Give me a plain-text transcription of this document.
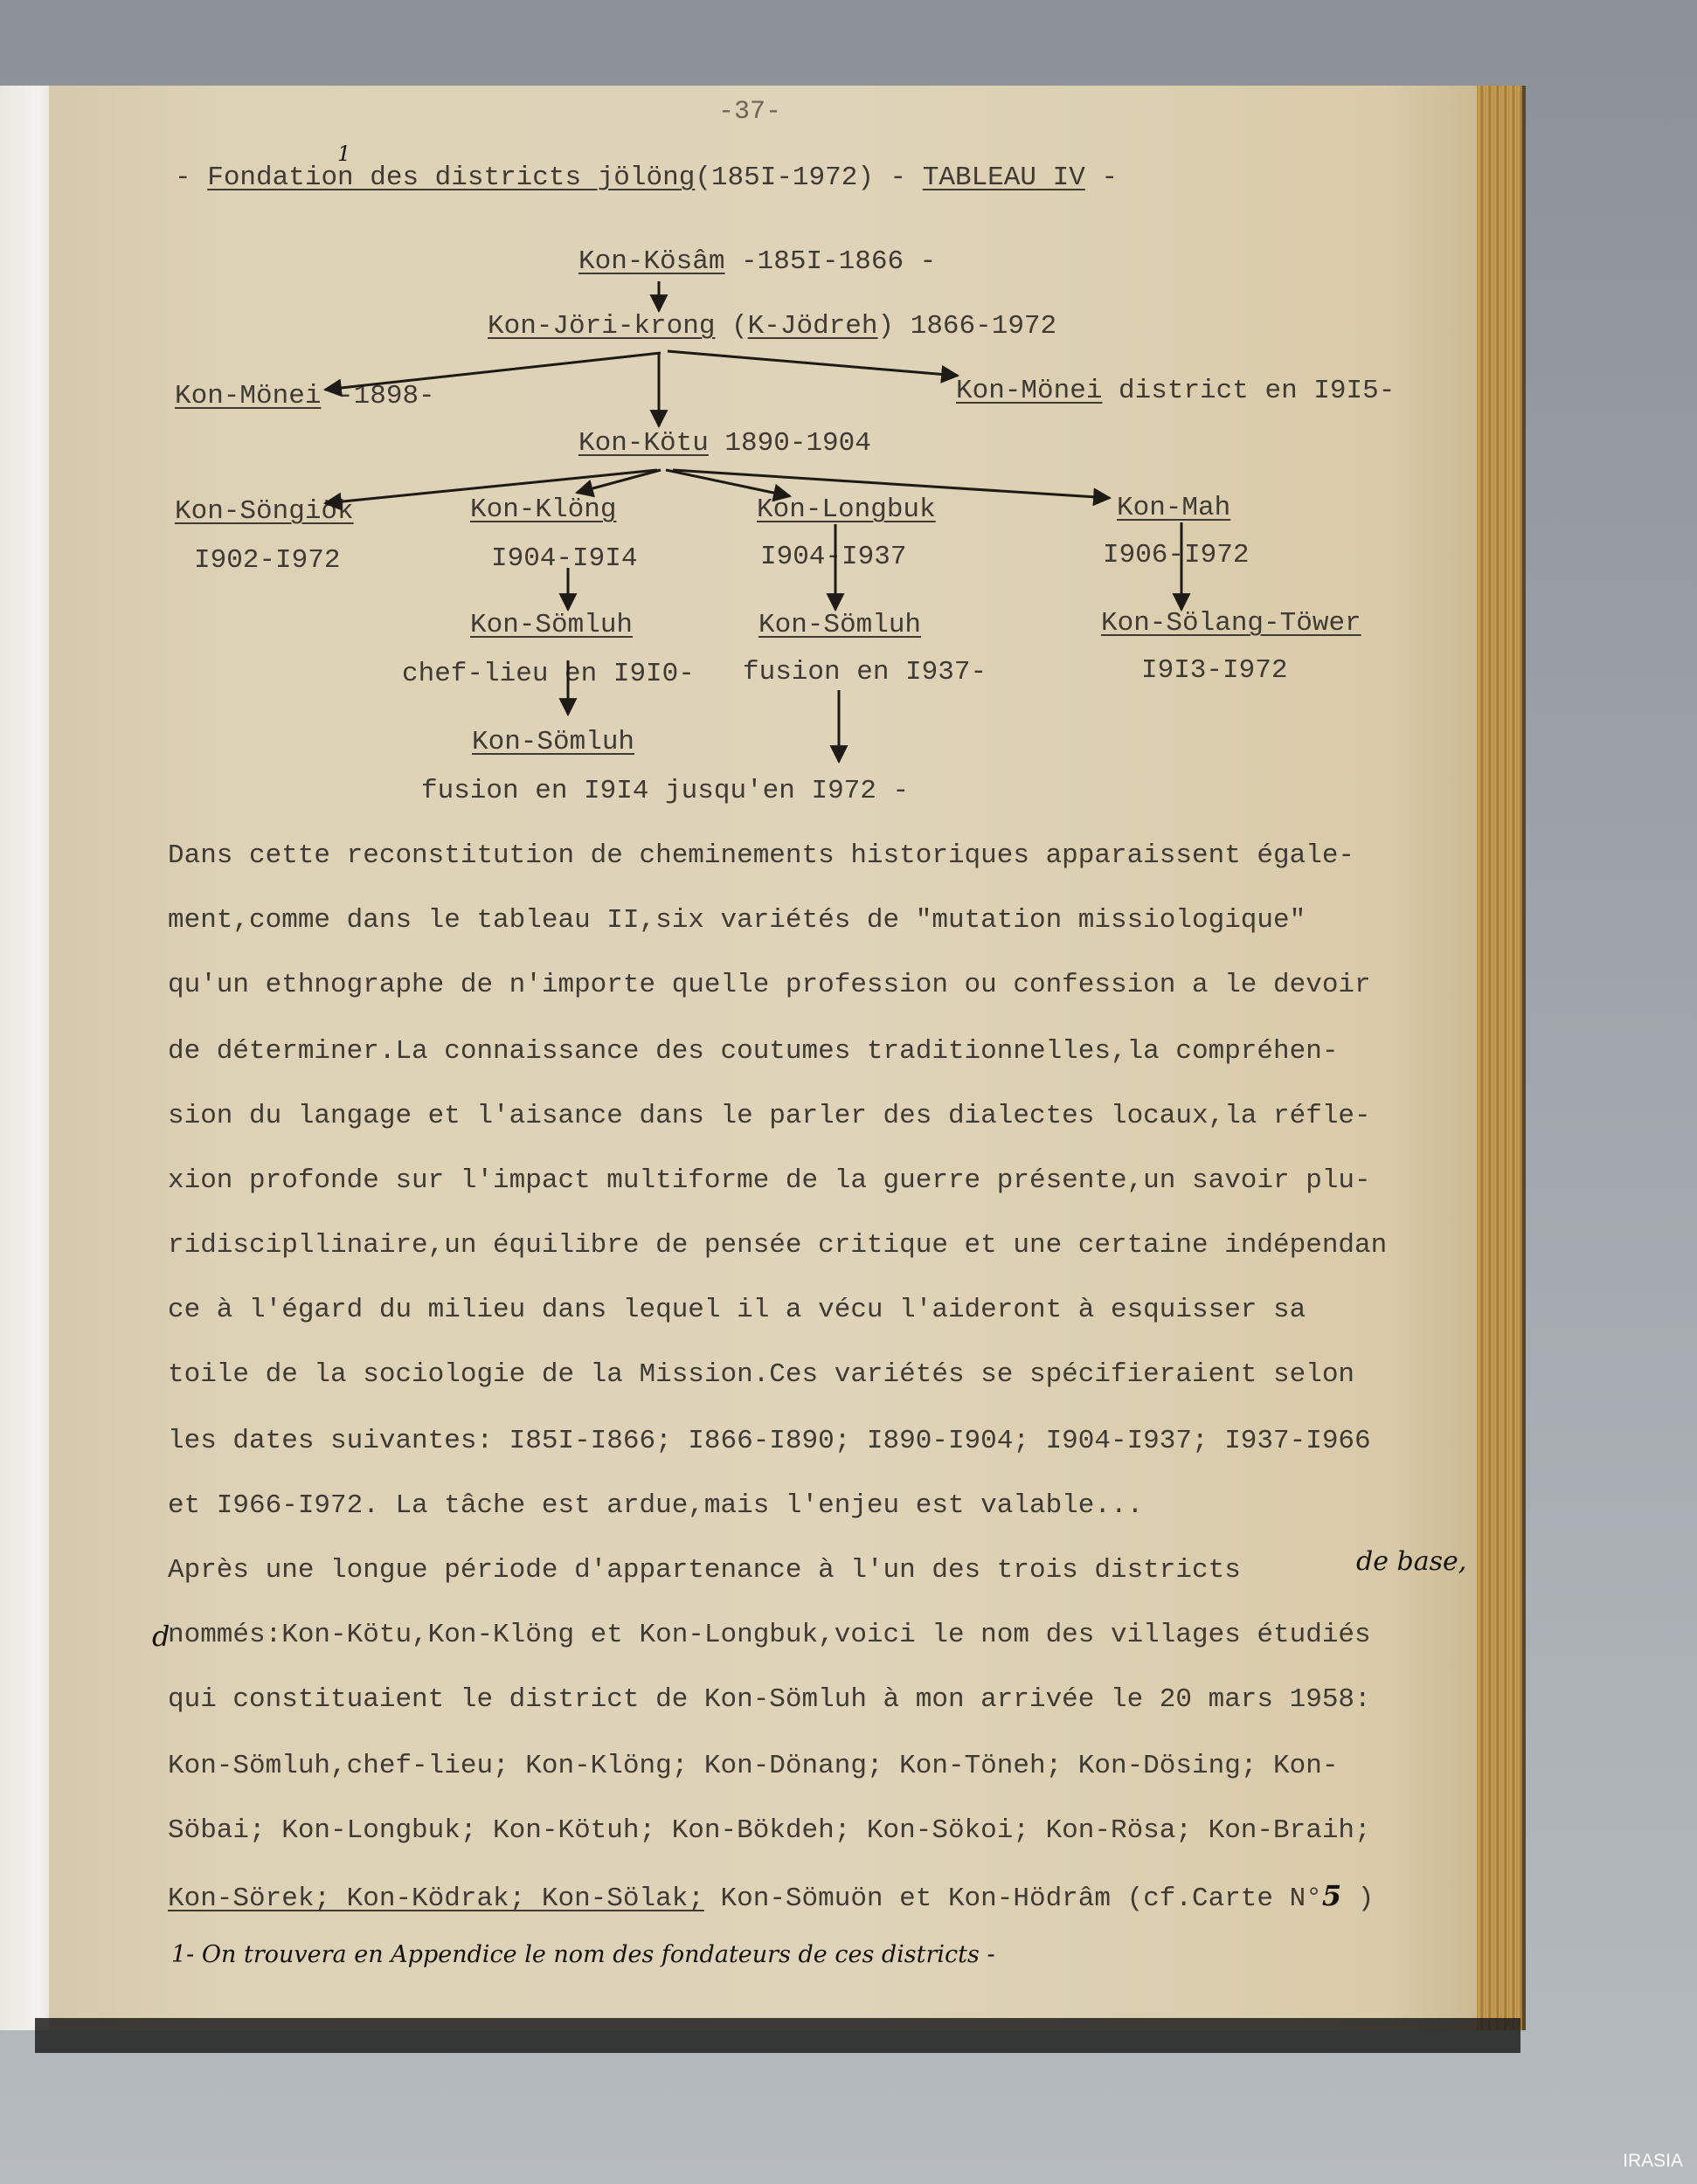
-37-
- Fondation des districts jölöng(185I-1972) - TABLEAU IV -
1
Kon-Kösâm -185I-1866 -
Kon-Jöri-krong (K-Jödreh) 1866-1972
Kon-Mönei -1898-	Kon-Mönei district en I9I5-
Kon-Kötu 1890-1904
Kon-Söngiök
I902-I972
Kon-Klöng
I904-I9I4
Kon-Longbuk
I904-I937
Kon-Mah
I906-I972
Kon-Sömluh
chef-lieu en I9I0-
Kon-Sömluh
fusion en I937-
Kon-Sölang-Töwer
I9I3-I972
Kon-Sömluh
fusion en I9I4 jusqu'en I972 -
Dans cette reconstitution de cheminements historiques apparaissent égale-
ment,comme dans le tableau II,six variétés de "mutation missiologique"
qu'un ethnographe de n'importe quelle profession ou confession a le devoir
de déterminer.La connaissance des coutumes traditionnelles,la compréhen-
sion du langage et l'aisance dans le parler des dialectes locaux,la réfle-
xion profonde sur l'impact multiforme de la guerre présente,un savoir plu-
ridiscipllinaire,un équilibre de pensée critique et une certaine indépendan
ce à l'égard du milieu dans lequel il a vécu l'aideront à esquisser sa
toile de la sociologie de la Mission.Ces variétés se spécifieraient selon
les dates suivantes: I85I-I866; I866-I890; I890-I904; I904-I937; I937-I966
et I966-I972. La tâche est ardue,mais l'enjeu est valable...
Après une longue période d'appartenance à l'un des trois districts
nommés:Kon-Kötu,Kon-Klöng et Kon-Longbuk,voici le nom des villages étudiés
qui constituaient le district de Kon-Sömluh à mon arrivée le 20 mars 1958:
Kon-Sömluh,chef-lieu; Kon-Klöng; Kon-Dönang; Kon-Töneh; Kon-Dösing; Kon-
Söbai; Kon-Longbuk; Kon-Kötuh; Kon-Bökdeh; Kon-Sökoi; Kon-Rösa; Kon-Braih;
Kon-Sörek; Kon-Ködrak; Kon-Sölak; Kon-Sömuön et Kon-Hödrâm (cf.Carte N°5 )
de base,
d
1- On trouvera en Appendice le nom des fondateurs de ces districts -
IRASIA
